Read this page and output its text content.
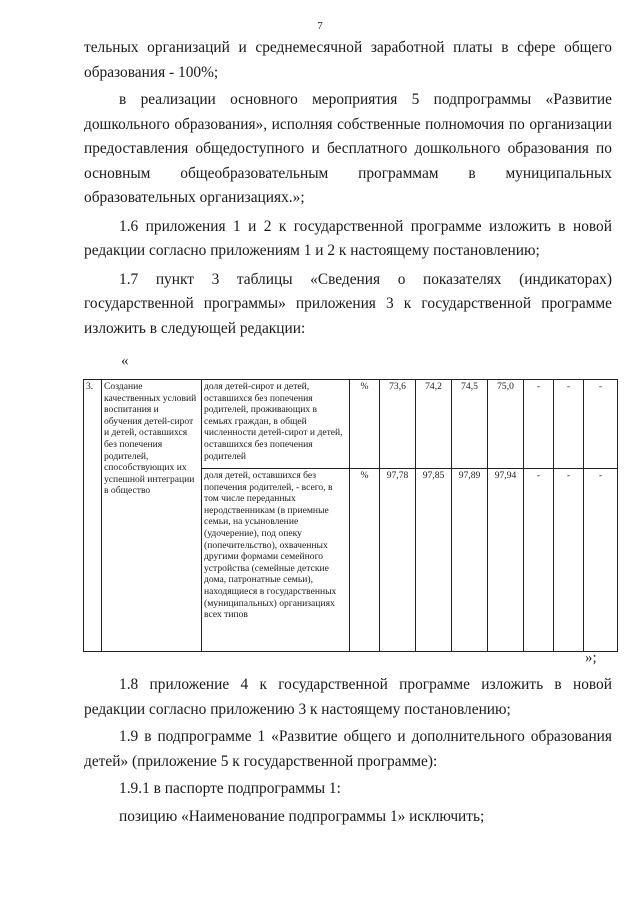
7

тельных организаций и среднемесячной заработной платы в сфере общего образования - 100%;

в реализации основного мероприятия 5 подпрограммы «Развитие дошкольного образования», исполняя собственные полномочия по организации предоставления общедоступного и бесплатного дошкольного образования по основным общеобразовательным программам в муниципальных образовательных организациях.»;

1.6 приложения 1 и 2 к государственной программе изложить в новой редакции согласно приложениям 1 и 2 к настоящему постановлению;

1.7 пункт 3 таблицы «Сведения о показателях (индикаторах) государственной программы» приложения 3 к государственной программе изложить в следующей редакции:

«
3.	Создание качественных условий воспитания и обучения детей-сирот и детей, оставшихся без попечения родителей, способствующих их успешной интеграции в общество	доля детей-сирот и детей, оставшихся без попечения родителей, проживающих в семьях граждан, в общей численности детей-сирот и детей, оставшихся без попечения родителей	%	73,6	74,2	74,5	75,0	-	-	-
		доля детей, оставшихся без попечения родителей, - всего, в том числе переданных неродственникам (в приемные семьи, на усыновление (удочерение), под опеку (попечительство), охваченных другими формами семейного устройства (семейные детские дома, патронатные семьи), находящиеся в государственных (муниципальных) организациях всех типов	%	97,78	97,85	97,89	97,94	-	-	-
»;

1.8 приложение 4 к государственной программе изложить в новой редакции согласно приложению 3 к настоящему постановлению;

1.9 в подпрограмме 1 «Развитие общего и дополнительного образования детей» (приложение 5 к государственной программе):

1.9.1 в паспорте подпрограммы 1:

позицию «Наименование подпрограммы 1» исключить;
